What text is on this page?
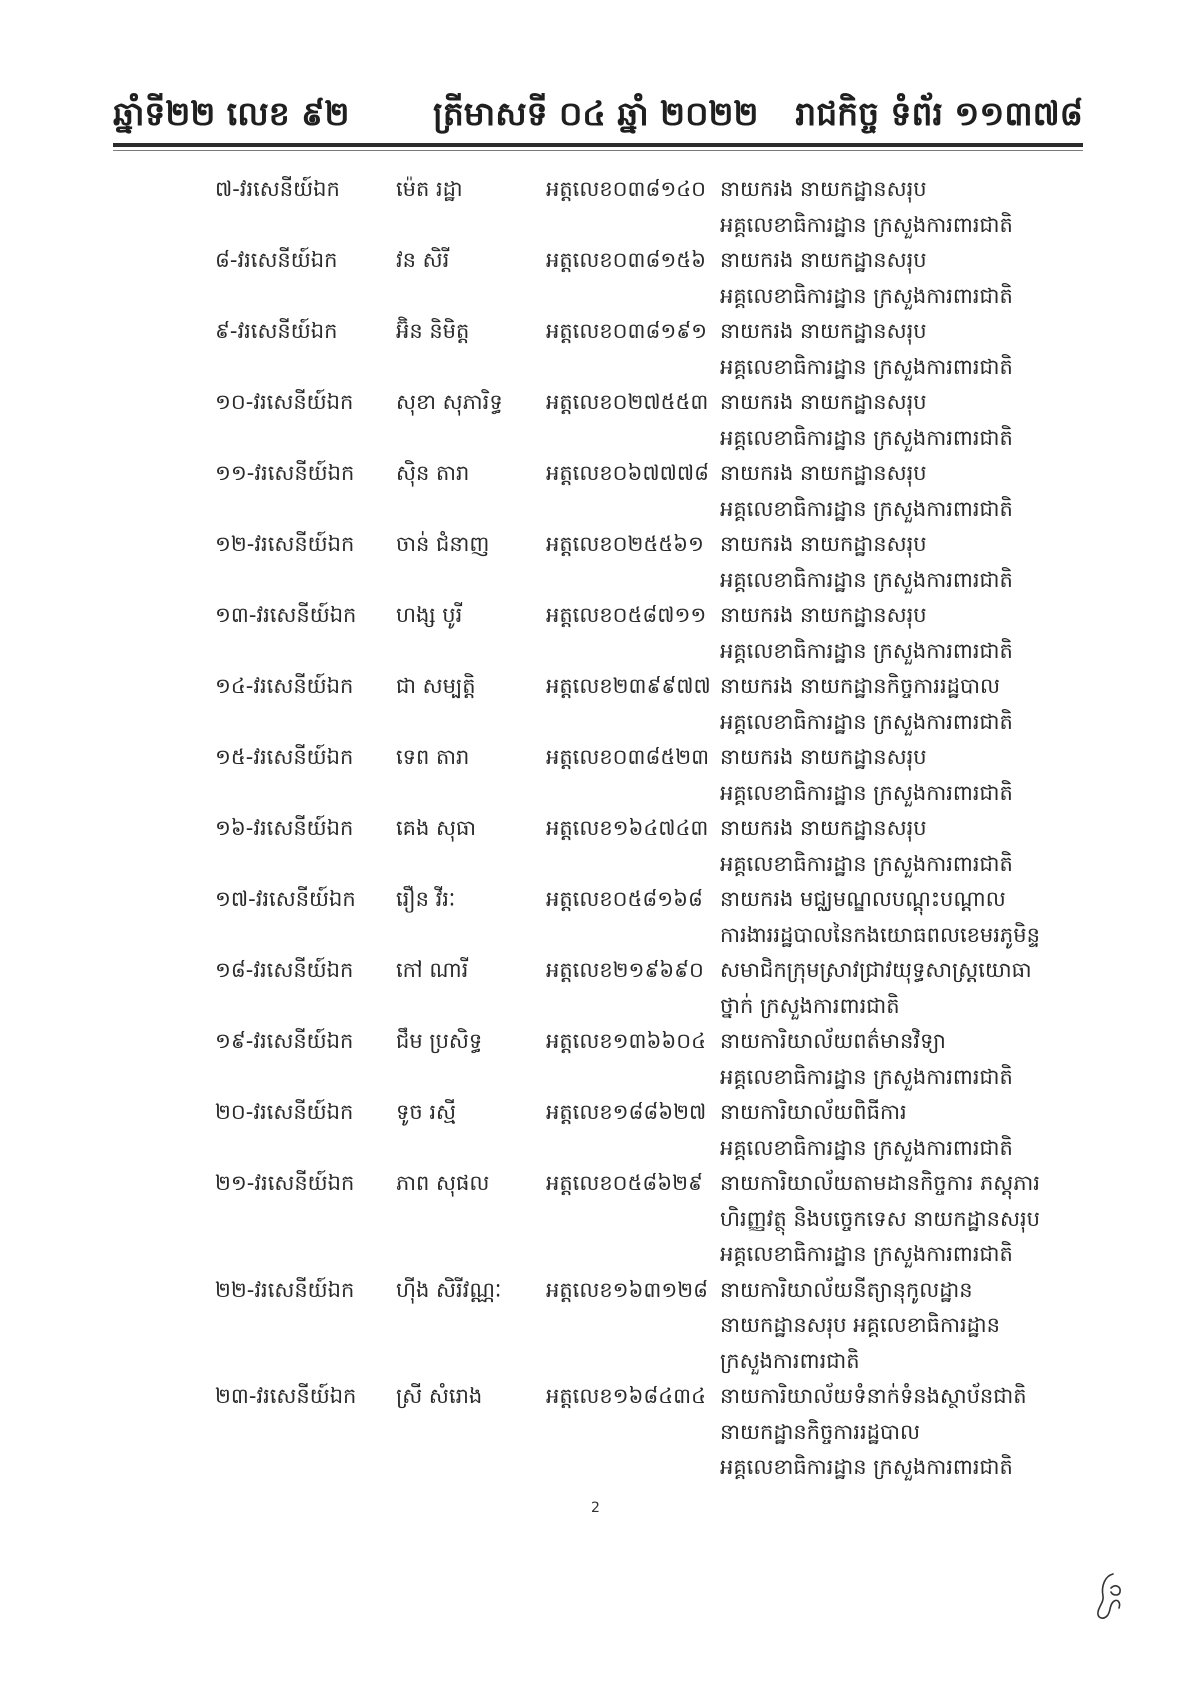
ឆ្នាំទី២២ លេខ ៩២	ត្រីមាសទី ០៤ ឆ្នាំ ២០២២ រាជកិច្ច ទំព័រ ១១៣៧៨
៧-វរសេនីយ៍ឯក	ម៉េត រដ្ឋា	អត្តលេខ០៣៨១៤០ នាយករង នាយកដ្ឋានសរុប
អគ្គលេខាធិការដ្ឋាន ក្រសួងការពារជាតិ
៨-វរសេនីយ៍ឯក	វន សិរី	អត្តលេខ០៣៨១៥៦ នាយករង នាយកដ្ឋានសរុប
អគ្គលេខាធិការដ្ឋាន ក្រសួងការពារជាតិ
៩-វរសេនីយ៍ឯក	អ៊ិន និមិត្ត	អត្តលេខ០៣៨១៩១ នាយករង នាយកដ្ឋានសរុប
អគ្គលេខាធិការដ្ឋាន ក្រសួងការពារជាតិ
១០-វរសេនីយ៍ឯក សុខា សុភារិទ្ធ អត្តលេខ០២៧៥៥៣ នាយករង នាយកដ្ឋានសរុប
អគ្គលេខាធិការដ្ឋាន ក្រសួងការពារជាតិ
១១-វរសេនីយ៍ឯក ស៊ិន តារា	អត្តលេខ០៦៧៧៧៨ នាយករង នាយកដ្ឋានសរុប
អគ្គលេខាធិការដ្ឋាន ក្រសួងការពារជាតិ
១២-វរសេនីយ៍ឯក ចាន់ ជំនាញ	អត្តលេខ០២៥៥៦១ នាយករង នាយកដ្ឋានសរុប
អគ្គលេខាធិការដ្ឋាន ក្រសួងការពារជាតិ
១៣-វរសេនីយ៍ឯក ហង្ស បូរី	អត្តលេខ០៥៨៧១១ នាយករង នាយកដ្ឋានសរុប
អគ្គលេខាធិការដ្ឋាន ក្រសួងការពារជាតិ
១៤-វរសេនីយ៍ឯក ជា សម្បត្តិ	អត្តលេខ២៣៩៩៧៧ នាយករង នាយកដ្ឋានកិច្ចការរដ្ឋបាល
អគ្គលេខាធិការដ្ឋាន ក្រសួងការពារជាតិ
១៥-វរសេនីយ៍ឯក ទេព តារា	អត្តលេខ០៣៨៥២៣ នាយករង នាយកដ្ឋានសរុប
អគ្គលេខាធិការដ្ឋាន ក្រសួងការពារជាតិ
១៦-វរសេនីយ៍ឯក គេង សុធា	អត្តលេខ១៦៤៧៤៣ នាយករង នាយកដ្ឋានសរុប
អគ្គលេខាធិការដ្ឋាន ក្រសួងការពារជាតិ
១៧-វរសេនីយ៍ឯក រឿន វីរៈ	អត្តលេខ០៥៨១៦៨ នាយករង មជ្ឈមណ្ឌលបណ្ដុះបណ្ដាល
ការងាររដ្ឋបាលនៃកងយោធពលខេមរភូមិន្ទ
១៨-វរសេនីយ៍ឯក កៅ ណារី	អត្តលេខ២១៩៦៩០ សមាជិកក្រុមស្រាវជ្រាវយុទ្ធសាស្ត្រយោធា
ថ្នាក់ ក្រសួងការពារជាតិ
១៩-វរសេនីយ៍ឯក ជឹម ប្រសិទ្ធ	អត្តលេខ១៣៦៦០៤ នាយការិយាល័យពត៌មានវិទ្យា
អគ្គលេខាធិការដ្ឋាន ក្រសួងការពារជាតិ
២០-វរសេនីយ៍ឯក ទូច រស្មី	អត្តលេខ១៨៨៦២៧ នាយការិយាល័យពិធីការ
អគ្គលេខាធិការដ្ឋាន ក្រសួងការពារជាតិ
២១-វរសេនីយ៍ឯក ភាព សុផល	អត្តលេខ០៥៨៦២៩ នាយការិយាល័យតាមដានកិច្ចការ ភស្តុភារ
ហិរញ្ញវត្ថុ និងបច្ចេកទេស នាយកដ្ឋានសរុប
អគ្គលេខាធិការដ្ឋាន ក្រសួងការពារជាតិ
២២-វរសេនីយ៍ឯក ហ៊ីង សិរីវណ្ណៈ អត្តលេខ១៦៣១២៨ នាយការិយាល័យនីត្យានុកូលដ្ឋាន
នាយកដ្ឋានសរុប អគ្គលេខាធិការដ្ឋាន
ក្រសួងការពារជាតិ
២៣-វរសេនីយ៍ឯក ស្រី សំរោង	អត្តលេខ១៦៨៤៣៤ នាយការិយាល័យទំនាក់ទំនងស្ថាប័នជាតិ
នាយកដ្ឋានកិច្ចការរដ្ឋបាល
អគ្គលេខាធិការដ្ឋាន ក្រសួងការពារជាតិ
2
